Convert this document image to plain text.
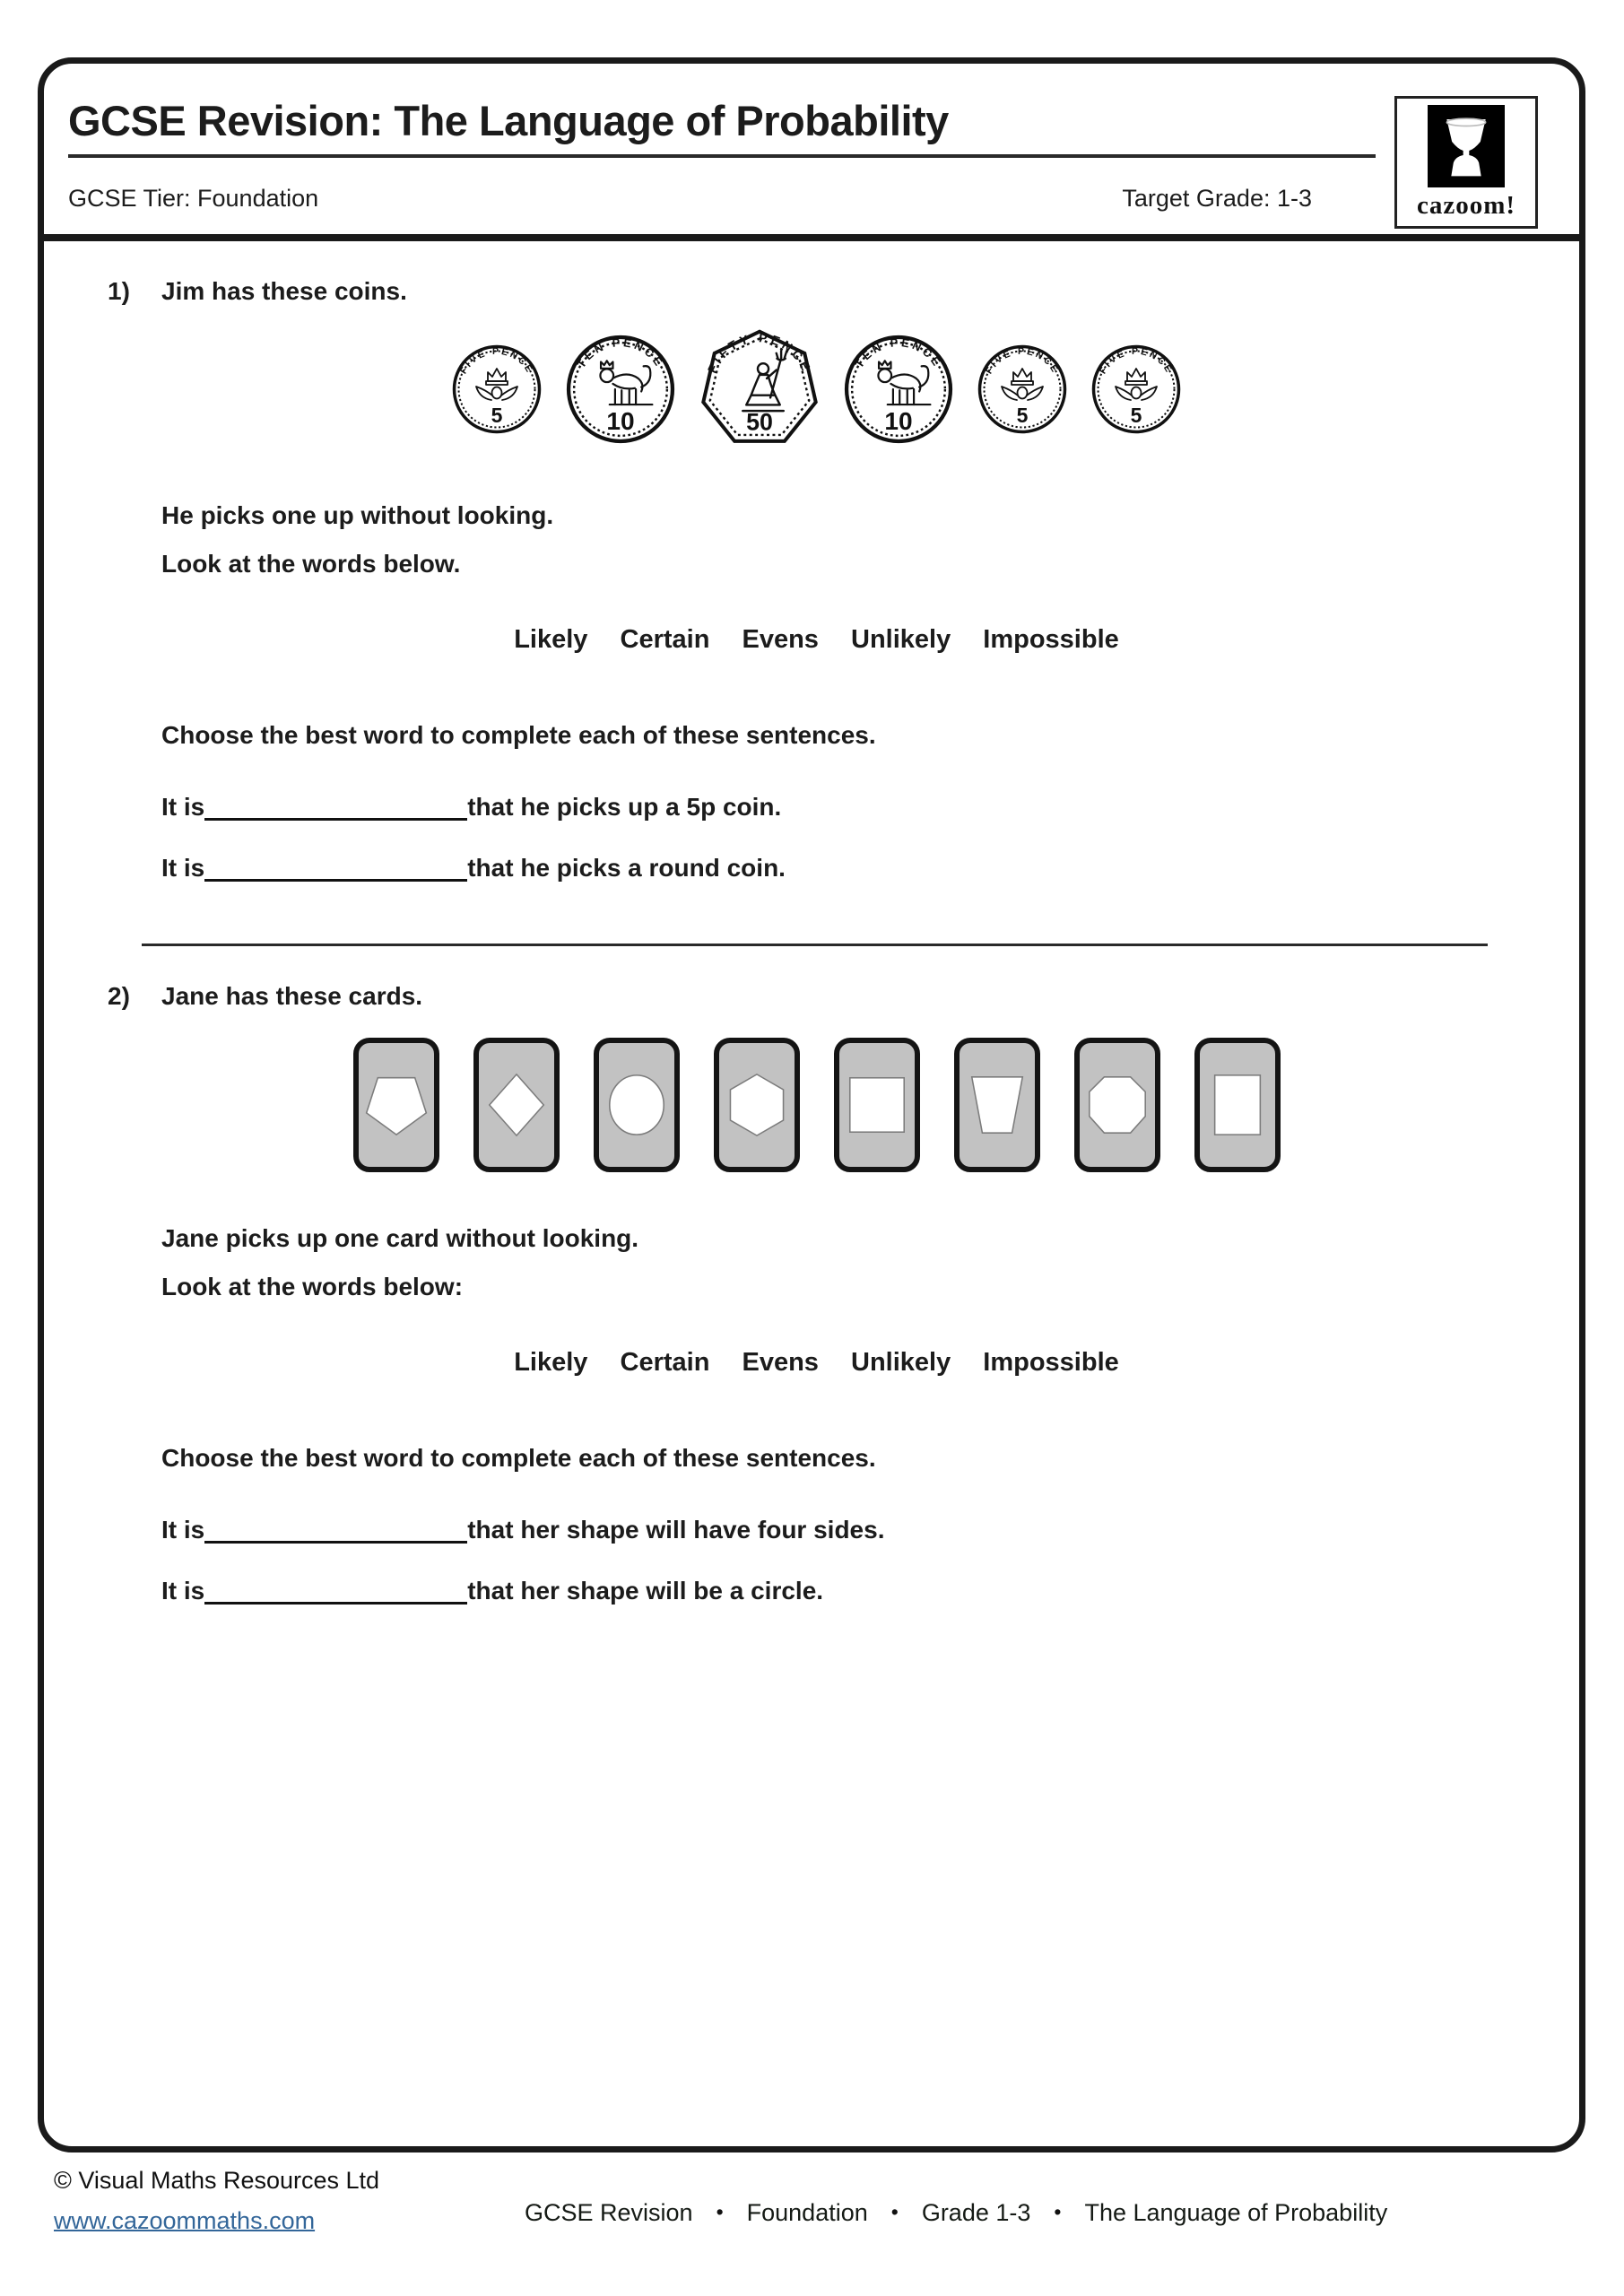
GCSE Revision: The Language of Probability
GCSE Tier: Foundation	Target Grade: 1-3	cazoom!
1)	Jim has these coins.
FIVE PENCE
5
TEN PENCE
10
FIFTY PENCE
50
TEN PENCE
10
FIVE PENCE
5
FIVE PENCE
5

He picks one up without looking.

Look at the words below.

Likely Certain Evens Unlikely Impossible

Choose the best word to complete each of these sentences.

It is	that he picks up a 5p coin.

It is	that he picks a round coin.

2)	Jane has these cards.

Jane picks up one card without looking.

Look at the words below:

Likely Certain Evens Unlikely Impossible

Choose the best word to complete each of these sentences.

It is	that her shape will have four sides.

It is	that her shape will be a circle.

© Visual Maths Resources Ltd
www.cazoommaths.com	GCSE Revision • Foundation • Grade 1-3 • The Language of Probability
